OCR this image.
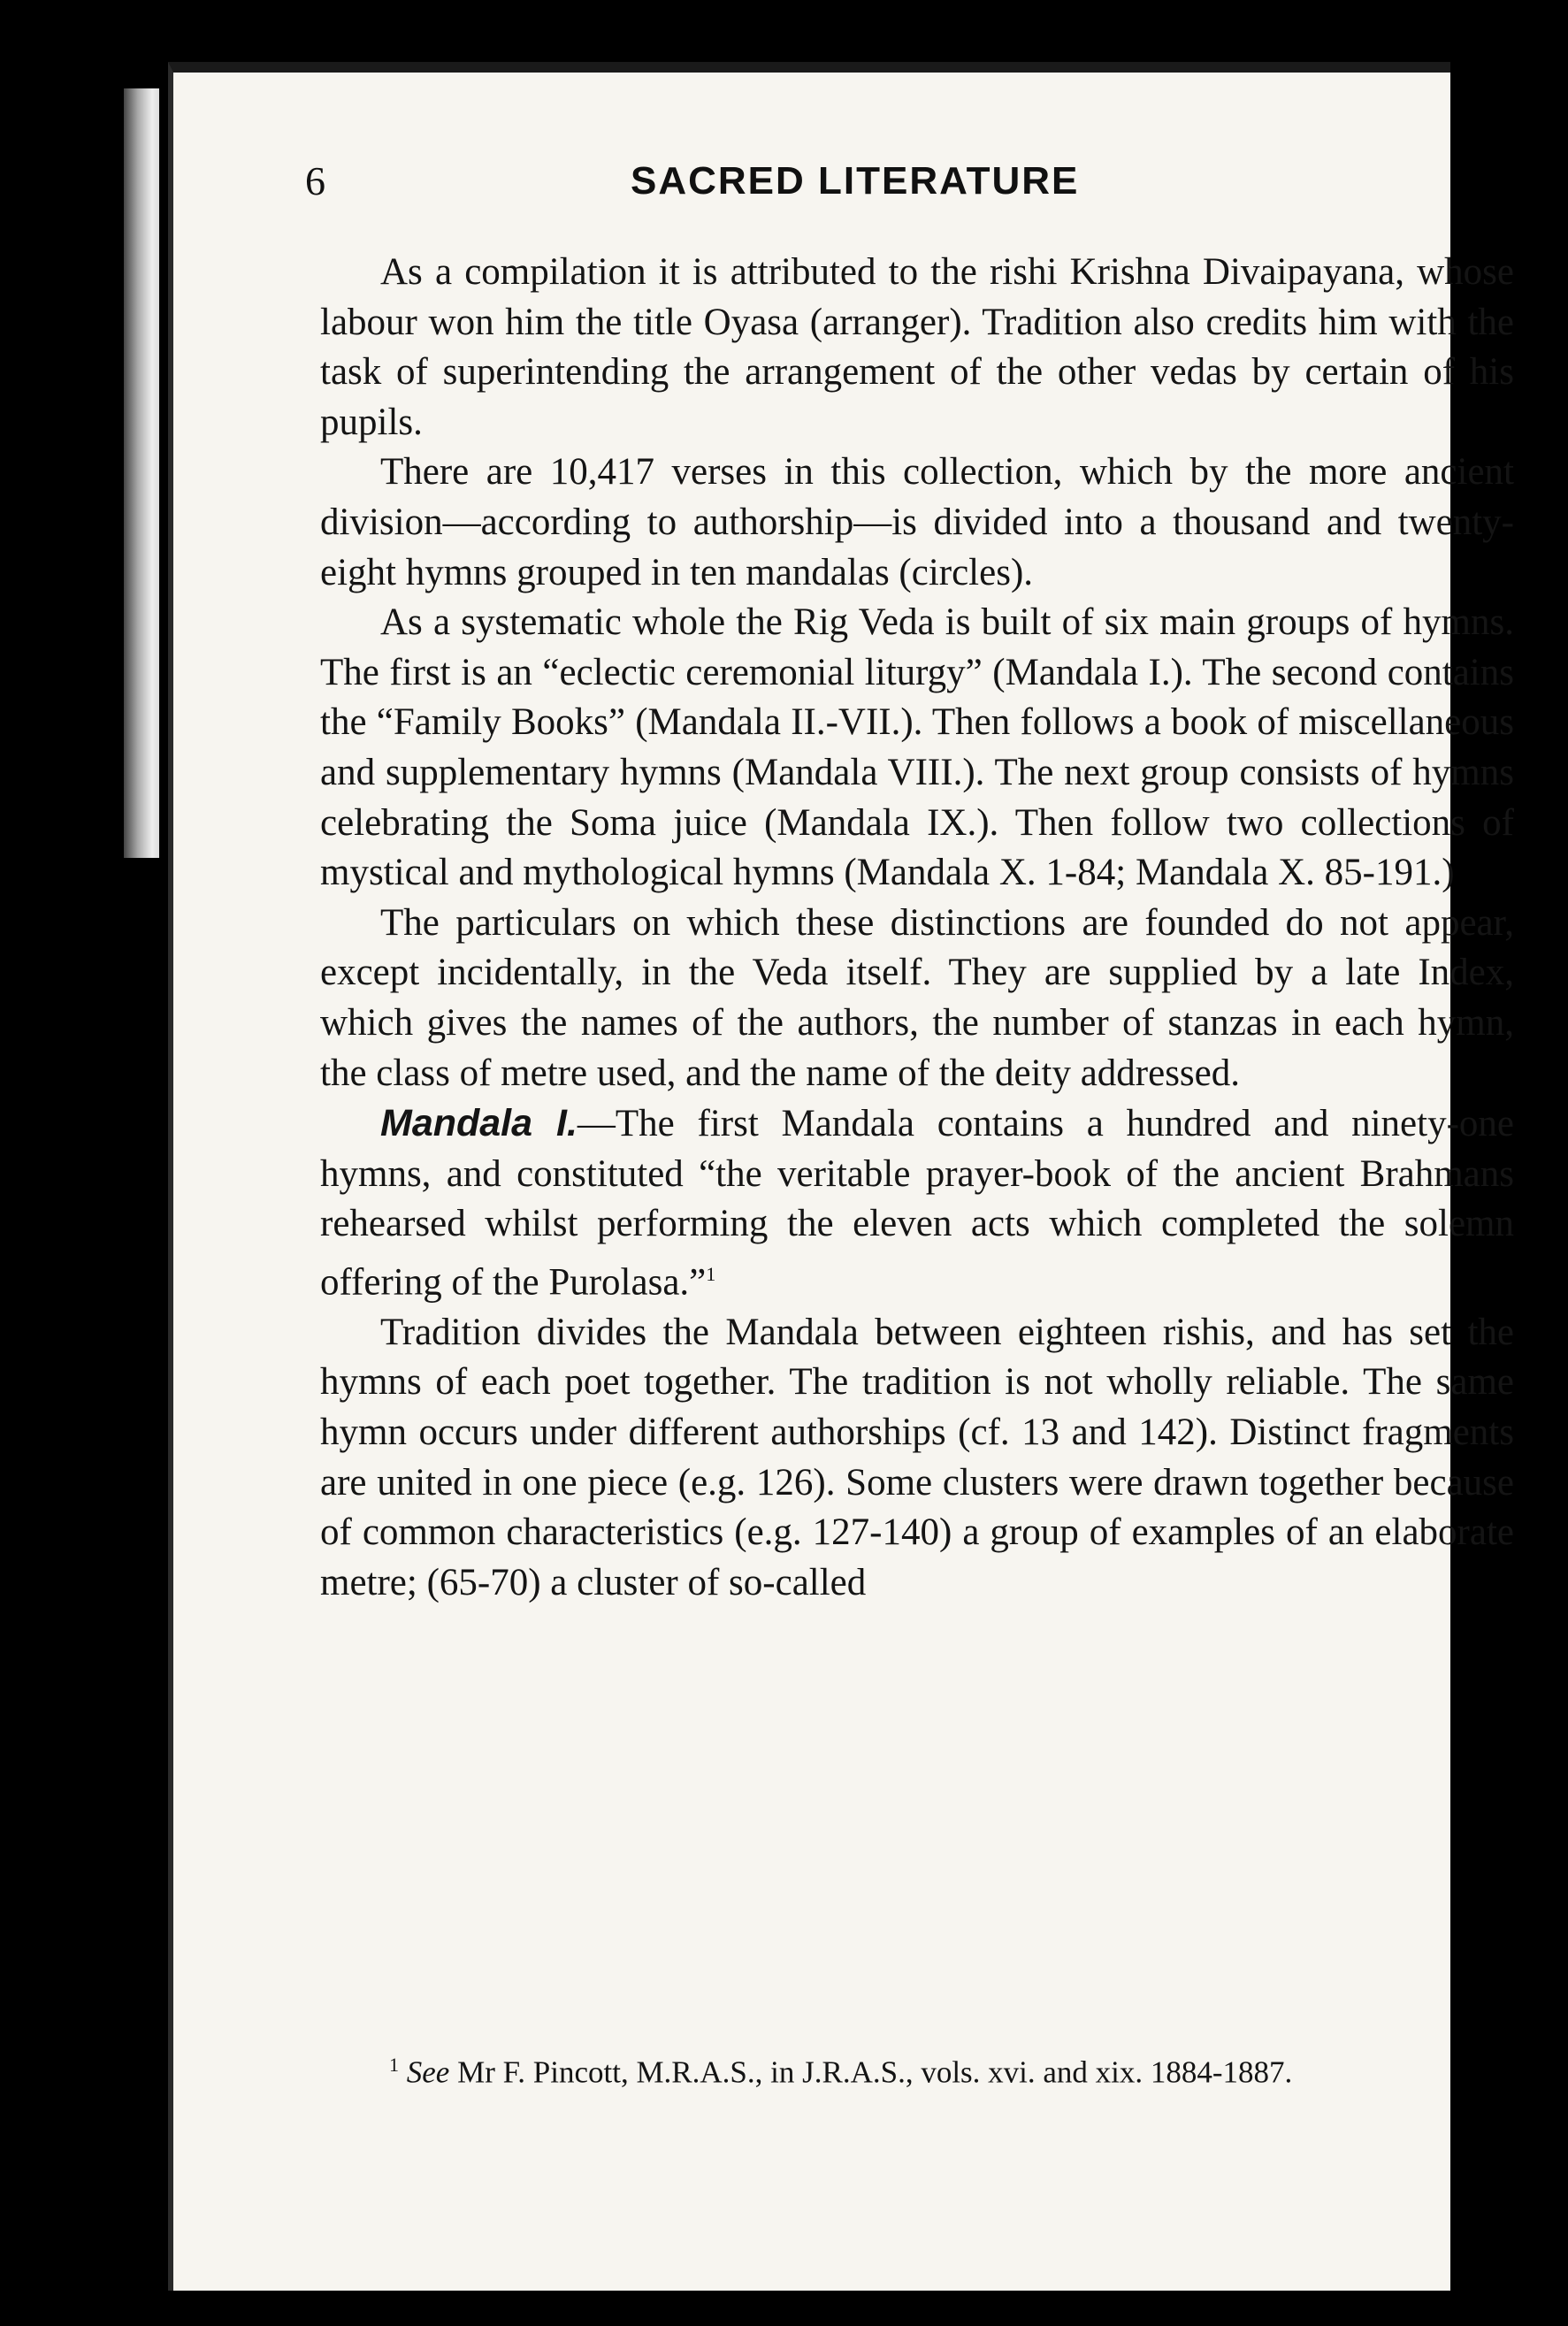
6	SACRED LITERATURE

As a compilation it is attributed to the rishi Krishna Divaipayana, whose labour won him the title Oyasa (arranger). Tradition also credits him with the task of superintending the arrangement of the other vedas by certain of his pupils.

There are 10,417 verses in this collection, which by the more ancient division—according to authorship—is divided into a thousand and twenty-eight hymns grouped in ten mandalas (circles).

As a systematic whole the Rig Veda is built of six main groups of hymns. The first is an “eclectic ceremonial liturgy” (Mandala I.). The second contains the “Family Books” (Mandala II.-VII.). Then follows a book of miscellaneous and supplementary hymns (Mandala VIII.). The next group consists of hymns celebrating the Soma juice (Mandala IX.). Then follow two collections of mystical and mythological hymns (Mandala X. 1-84; Mandala X. 85-191.)

The particulars on which these distinctions are founded do not appear, except incidentally, in the Veda itself. They are supplied by a late Index, which gives the names of the authors, the number of stanzas in each hymn, the class of metre used, and the name of the deity addressed.

Mandala I.—The first Mandala contains a hundred and ninety-one hymns, and constituted “the veritable prayer-book of the ancient Brahmans rehearsed whilst performing the eleven acts which completed the solemn offering of the Purolasa.”$^1$

Tradition divides the Mandala between eighteen rishis, and has set the hymns of each poet together. The tradition is not wholly reliable. The same hymn occurs under different authorships (cf. 13 and 142). Distinct fragments are united in one piece (e.g. 126). Some clusters were drawn together because of common characteristics (e.g. 127-140) a group of examples of an elaborate metre; (65-70) a cluster of so-called

$^1$ See Mr F. Pincott, M.R.A.S., in J.R.A.S., vols. xvi. and xix. 1884-1887.
